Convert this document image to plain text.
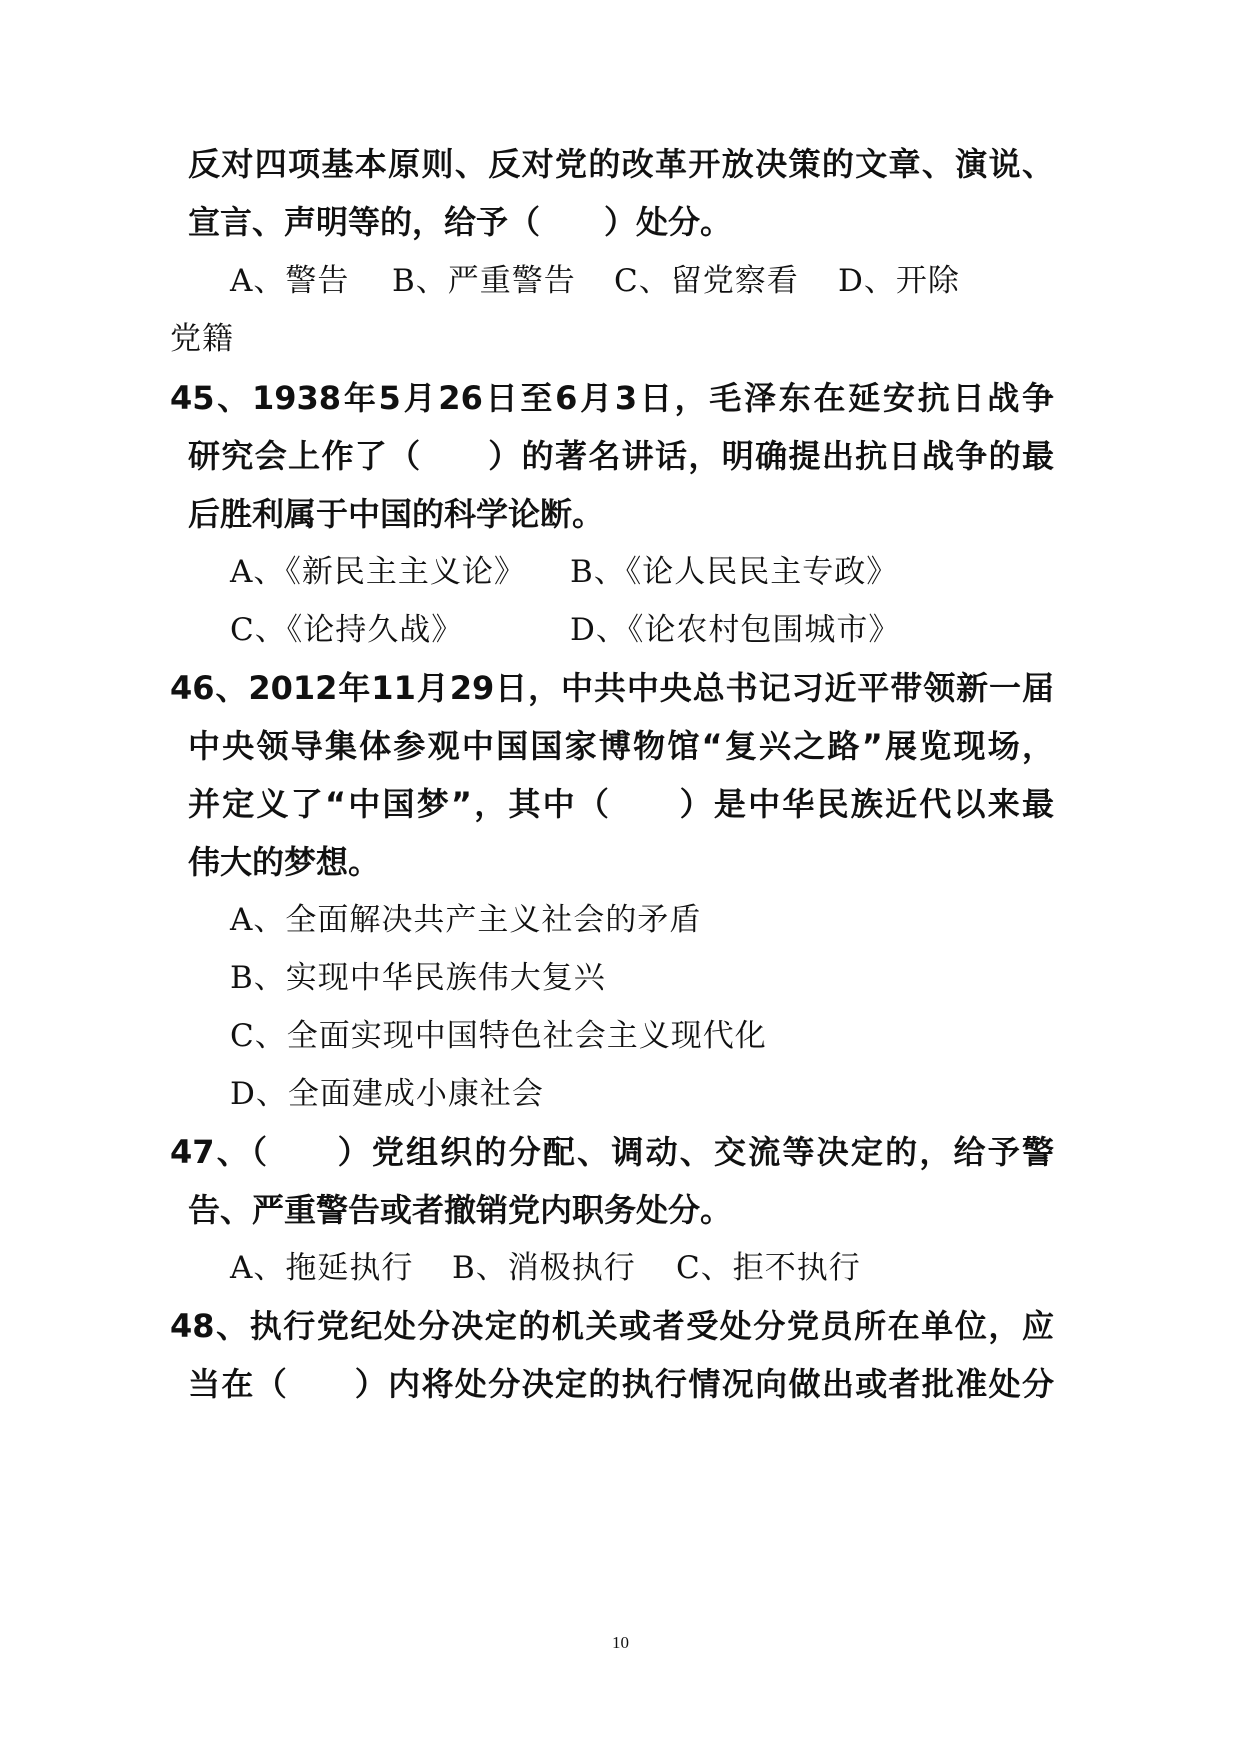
反对四项基本原则、反对党的改革开放决策的文章、演说、
宣言、声明等的，给予（　　）处分。
A、警告 B、严重警告 C、留党察看 D、开除
党籍
45、1938年5月26日至6月3日，毛泽东在延安抗日战争
研究会上作了（　　）的著名讲话，明确提出抗日战争的最
后胜利属于中国的科学论断。
A、《新民主主义论》 B、《论人民民主专政》
C、《论持久战》	D、《论农村包围城市》
46、2012年11月29日，中共中央总书记习近平带领新一届
中央领导集体参观中国国家博物馆“复兴之路”展览现场，
并定义了“中国梦”，其中（　　）是中华民族近代以来最
伟大的梦想。
A、全面解决共产主义社会的矛盾
B、实现中华民族伟大复兴
C、全面实现中国特色社会主义现代化
D、全面建成小康社会
47、（　　）党组织的分配、调动、交流等决定的，给予警
告、严重警告或者撤销党内职务处分。
A、拖延执行 B、消极执行 C、拒不执行
48、执行党纪处分决定的机关或者受处分党员所在单位，应
当在（　　）内将处分决定的执行情况向做出或者批准处分
10
